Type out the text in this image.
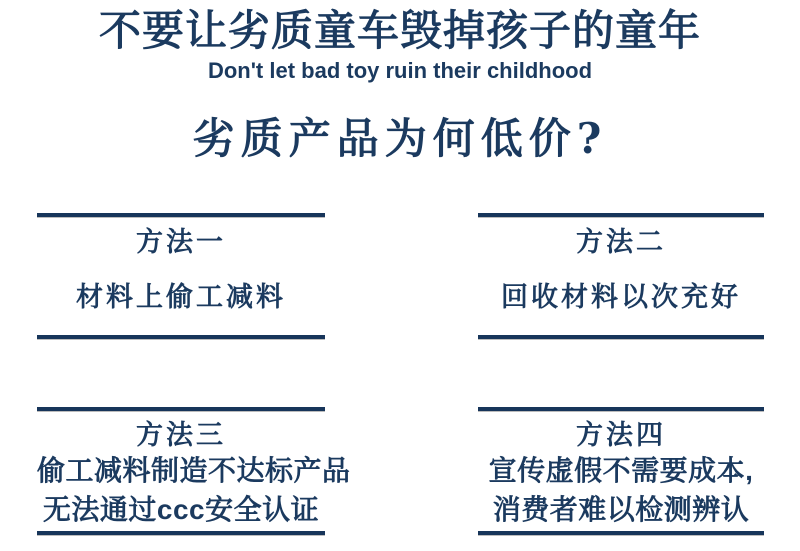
不要让劣质童车毁掉孩子的童年
Don't let bad toy ruin their childhood
劣质产品为何低价?
方法一
材料上偷工减料
方法二
回收材料以次充好
方法三
偷工减料制造不达标产品
无法通过ccc安全认证
方法四
宣传虚假不需要成本,
消费者难以检测辨认
